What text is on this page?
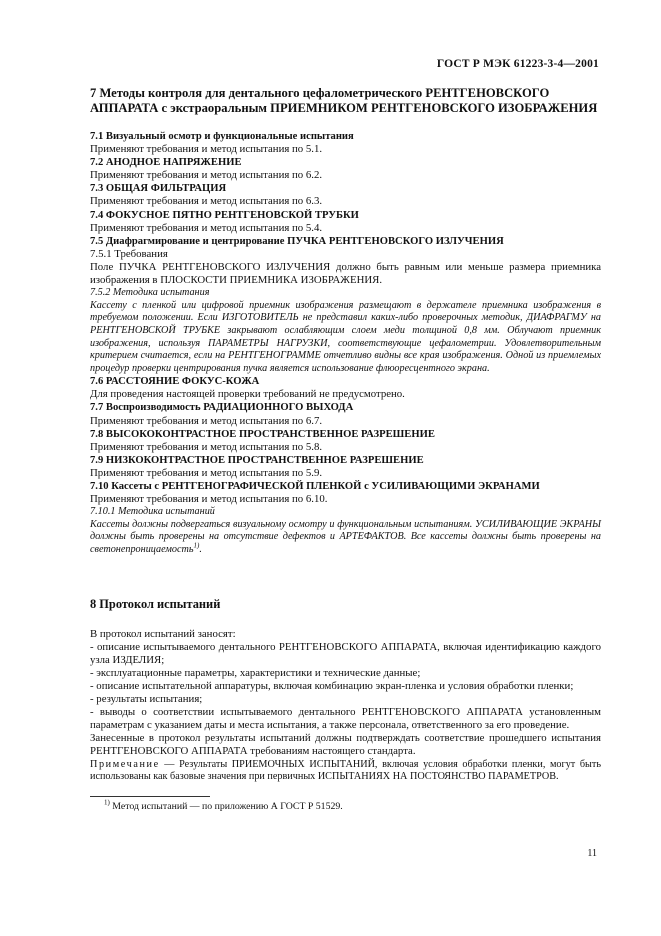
ГОСТ Р МЭК 61223-3-4—2001
7 Методы контроля для дентального цефалометрического РЕНТГЕНОВСКОГО АППАРАТА с экстраоральным ПРИЕМНИКОМ РЕНТГЕНОВСКОГО ИЗОБРАЖЕНИЯ

7.1 Визуальный осмотр и функциональные испытания

Применяют требования и метод испытания по 5.1.

7.2 АНОДНОЕ НАПРЯЖЕНИЕ

Применяют требования и метод испытания по 6.2.

7.3 ОБЩАЯ ФИЛЬТРАЦИЯ

Применяют требования и метод испытания по 6.3.

7.4 ФОКУСНОЕ ПЯТНО РЕНТГЕНОВСКОЙ ТРУБКИ

Применяют требования и метод испытания по 5.4.

7.5 Диафрагмирование и центрирование ПУЧКА РЕНТГЕНОВСКОГО ИЗЛУЧЕНИЯ

7.5.1 Требования

Поле ПУЧКА РЕНТГЕНОВСКОГО ИЗЛУЧЕНИЯ должно быть равным или меньше размера приемника изображения в ПЛОСКОСТИ ПРИЕМНИКА ИЗОБРАЖЕНИЯ.

7.5.2 Методика испытания

Кассету с пленкой или цифровой приемник изображения размещают в держателе приемника изображения в требуемом положении. Если ИЗГОТОВИТЕЛЬ не представил каких-либо проверочных методик, ДИАФРАГМУ на РЕНТГЕНОВСКОЙ ТРУБКЕ закрывают ослабляющим слоем меди толщиной 0,8 мм. Облучают приемник изображения, используя ПАРАМЕТРЫ НАГРУЗКИ, соответствующие цефалометрии. Удовлетворительным критерием считается, если на РЕНТГЕНОГРАММЕ отчетливо видны все края изображения. Одной из приемлемых процедур проверки центрирования пучка является использование флюоресцентного экрана.

7.6 РАССТОЯНИЕ ФОКУС-КОЖА

Для проведения настоящей проверки требований не предусмотрено.

7.7 Воспроизводимость РАДИАЦИОННОГО ВЫХОДА

Применяют требования и метод испытания по 6.7.

7.8 ВЫСОКОКОНТРАСТНОЕ ПРОСТРАНСТВЕННОЕ РАЗРЕШЕНИЕ

Применяют требования и метод испытания по 5.8.

7.9 НИЗКОКОНТРАСТНОЕ ПРОСТРАНСТВЕННОЕ РАЗРЕШЕНИЕ

Применяют требования и метод испытания по 5.9.

7.10 Кассеты с РЕНТГЕНОГРАФИЧЕСКОЙ ПЛЕНКОЙ с УСИЛИВАЮЩИМИ ЭКРАНАМИ

Применяют требования и метод испытания по 6.10.

7.10.1 Методика испытаний

Кассеты должны подвергаться визуальному осмотру и функциональным испытаниям. УСИЛИВАЮЩИЕ ЭКРАНЫ должны быть проверены на отсутствие дефектов и АРТЕФАКТОВ. Все кассеты должны быть проверены на светонепроницаемость$^{1)}$.

8 Протокол испытаний

В протокол испытаний заносят:

- описание испытываемого дентального РЕНТГЕНОВСКОГО АППАРАТА, включая идентификацию каждого узла ИЗДЕЛИЯ;

- эксплуатационные параметры, характеристики и технические данные;

- описание испытательной аппаратуры, включая комбинацию экран-пленка и условия обработки пленки;

- результаты испытания;

- выводы о соответствии испытываемого дентального РЕНТГЕНОВСКОГО АППАРАТА установленным параметрам с указанием даты и места испытания, а также персонала, ответственного за его проведение.

Занесенные в протокол результаты испытаний должны подтверждать соответствие прошедшего испытания РЕНТГЕНОВСКОГО АППАРАТА требованиям настоящего стандарта.

Примечание — Результаты ПРИЕМОЧНЫХ ИСПЫТАНИЙ, включая условия обработки пленки, могут быть использованы как базовые значения при первичных ИСПЫТАНИЯХ НА ПОСТОЯНСТВО ПАРАМЕТРОВ.

$^{1)}$ Метод испытаний — по приложению А ГОСТ Р 51529.

11
